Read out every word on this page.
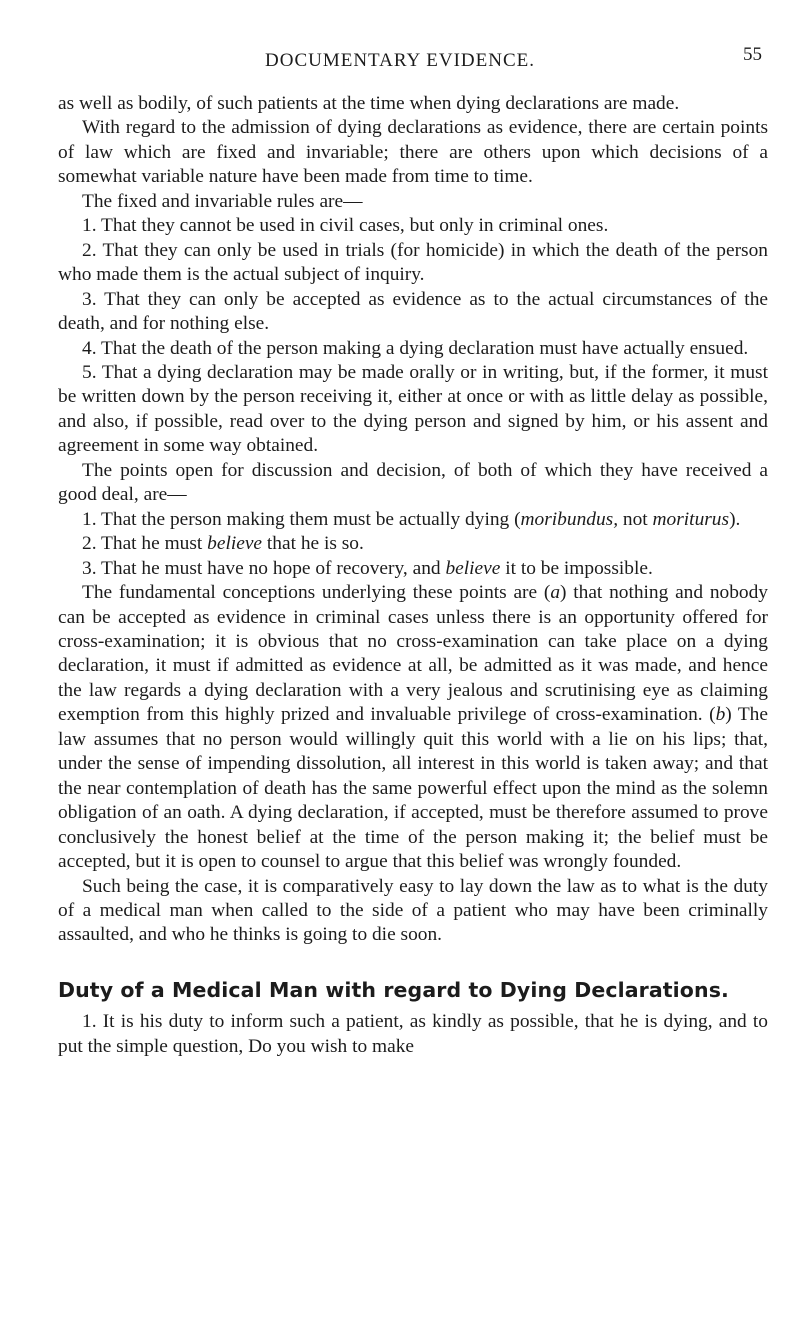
DOCUMENTARY EVIDENCE.	55

as well as bodily, of such patients at the time when dying declarations are made.

With regard to the admission of dying declarations as evidence, there are certain points of law which are fixed and invariable; there are others upon which decisions of a somewhat variable nature have been made from time to time.

The fixed and invariable rules are—

1. That they cannot be used in civil cases, but only in criminal ones.

2. That they can only be used in trials (for homicide) in which the death of the person who made them is the actual subject of inquiry.

3. That they can only be accepted as evidence as to the actual circumstances of the death, and for nothing else.

4. That the death of the person making a dying declaration must have actually ensued.

5. That a dying declaration may be made orally or in writing, but, if the former, it must be written down by the person receiving it, either at once or with as little delay as possible, and also, if possible, read over to the dying person and signed by him, or his assent and agreement in some way obtained.

The points open for discussion and decision, of both of which they have received a good deal, are—

1. That the person making them must be actually dying (moribundus, not moriturus).

2. That he must believe that he is so.

3. That he must have no hope of recovery, and believe it to be impossible.

The fundamental conceptions underlying these points are (a) that nothing and nobody can be accepted as evidence in criminal cases unless there is an opportunity offered for cross-examination; it is obvious that no cross-examination can take place on a dying declaration, it must if admitted as evidence at all, be admitted as it was made, and hence the law regards a dying declaration with a very jealous and scrutinising eye as claiming exemption from this highly prized and invaluable privilege of cross-examination. (b) The law assumes that no person would willingly quit this world with a lie on his lips; that, under the sense of impending dissolution, all interest in this world is taken away; and that the near contemplation of death has the same powerful effect upon the mind as the solemn obligation of an oath. A dying declaration, if accepted, must be therefore assumed to prove conclusively the honest belief at the time of the person making it; the belief must be accepted, but it is open to counsel to argue that this belief was wrongly founded.

Such being the case, it is comparatively easy to lay down the law as to what is the duty of a medical man when called to the side of a patient who may have been criminally assaulted, and who he thinks is going to die soon.

Duty of a Medical Man with regard to Dying Declarations.

1. It is his duty to inform such a patient, as kindly as possible, that he is dying, and to put the simple question, Do you wish to make
